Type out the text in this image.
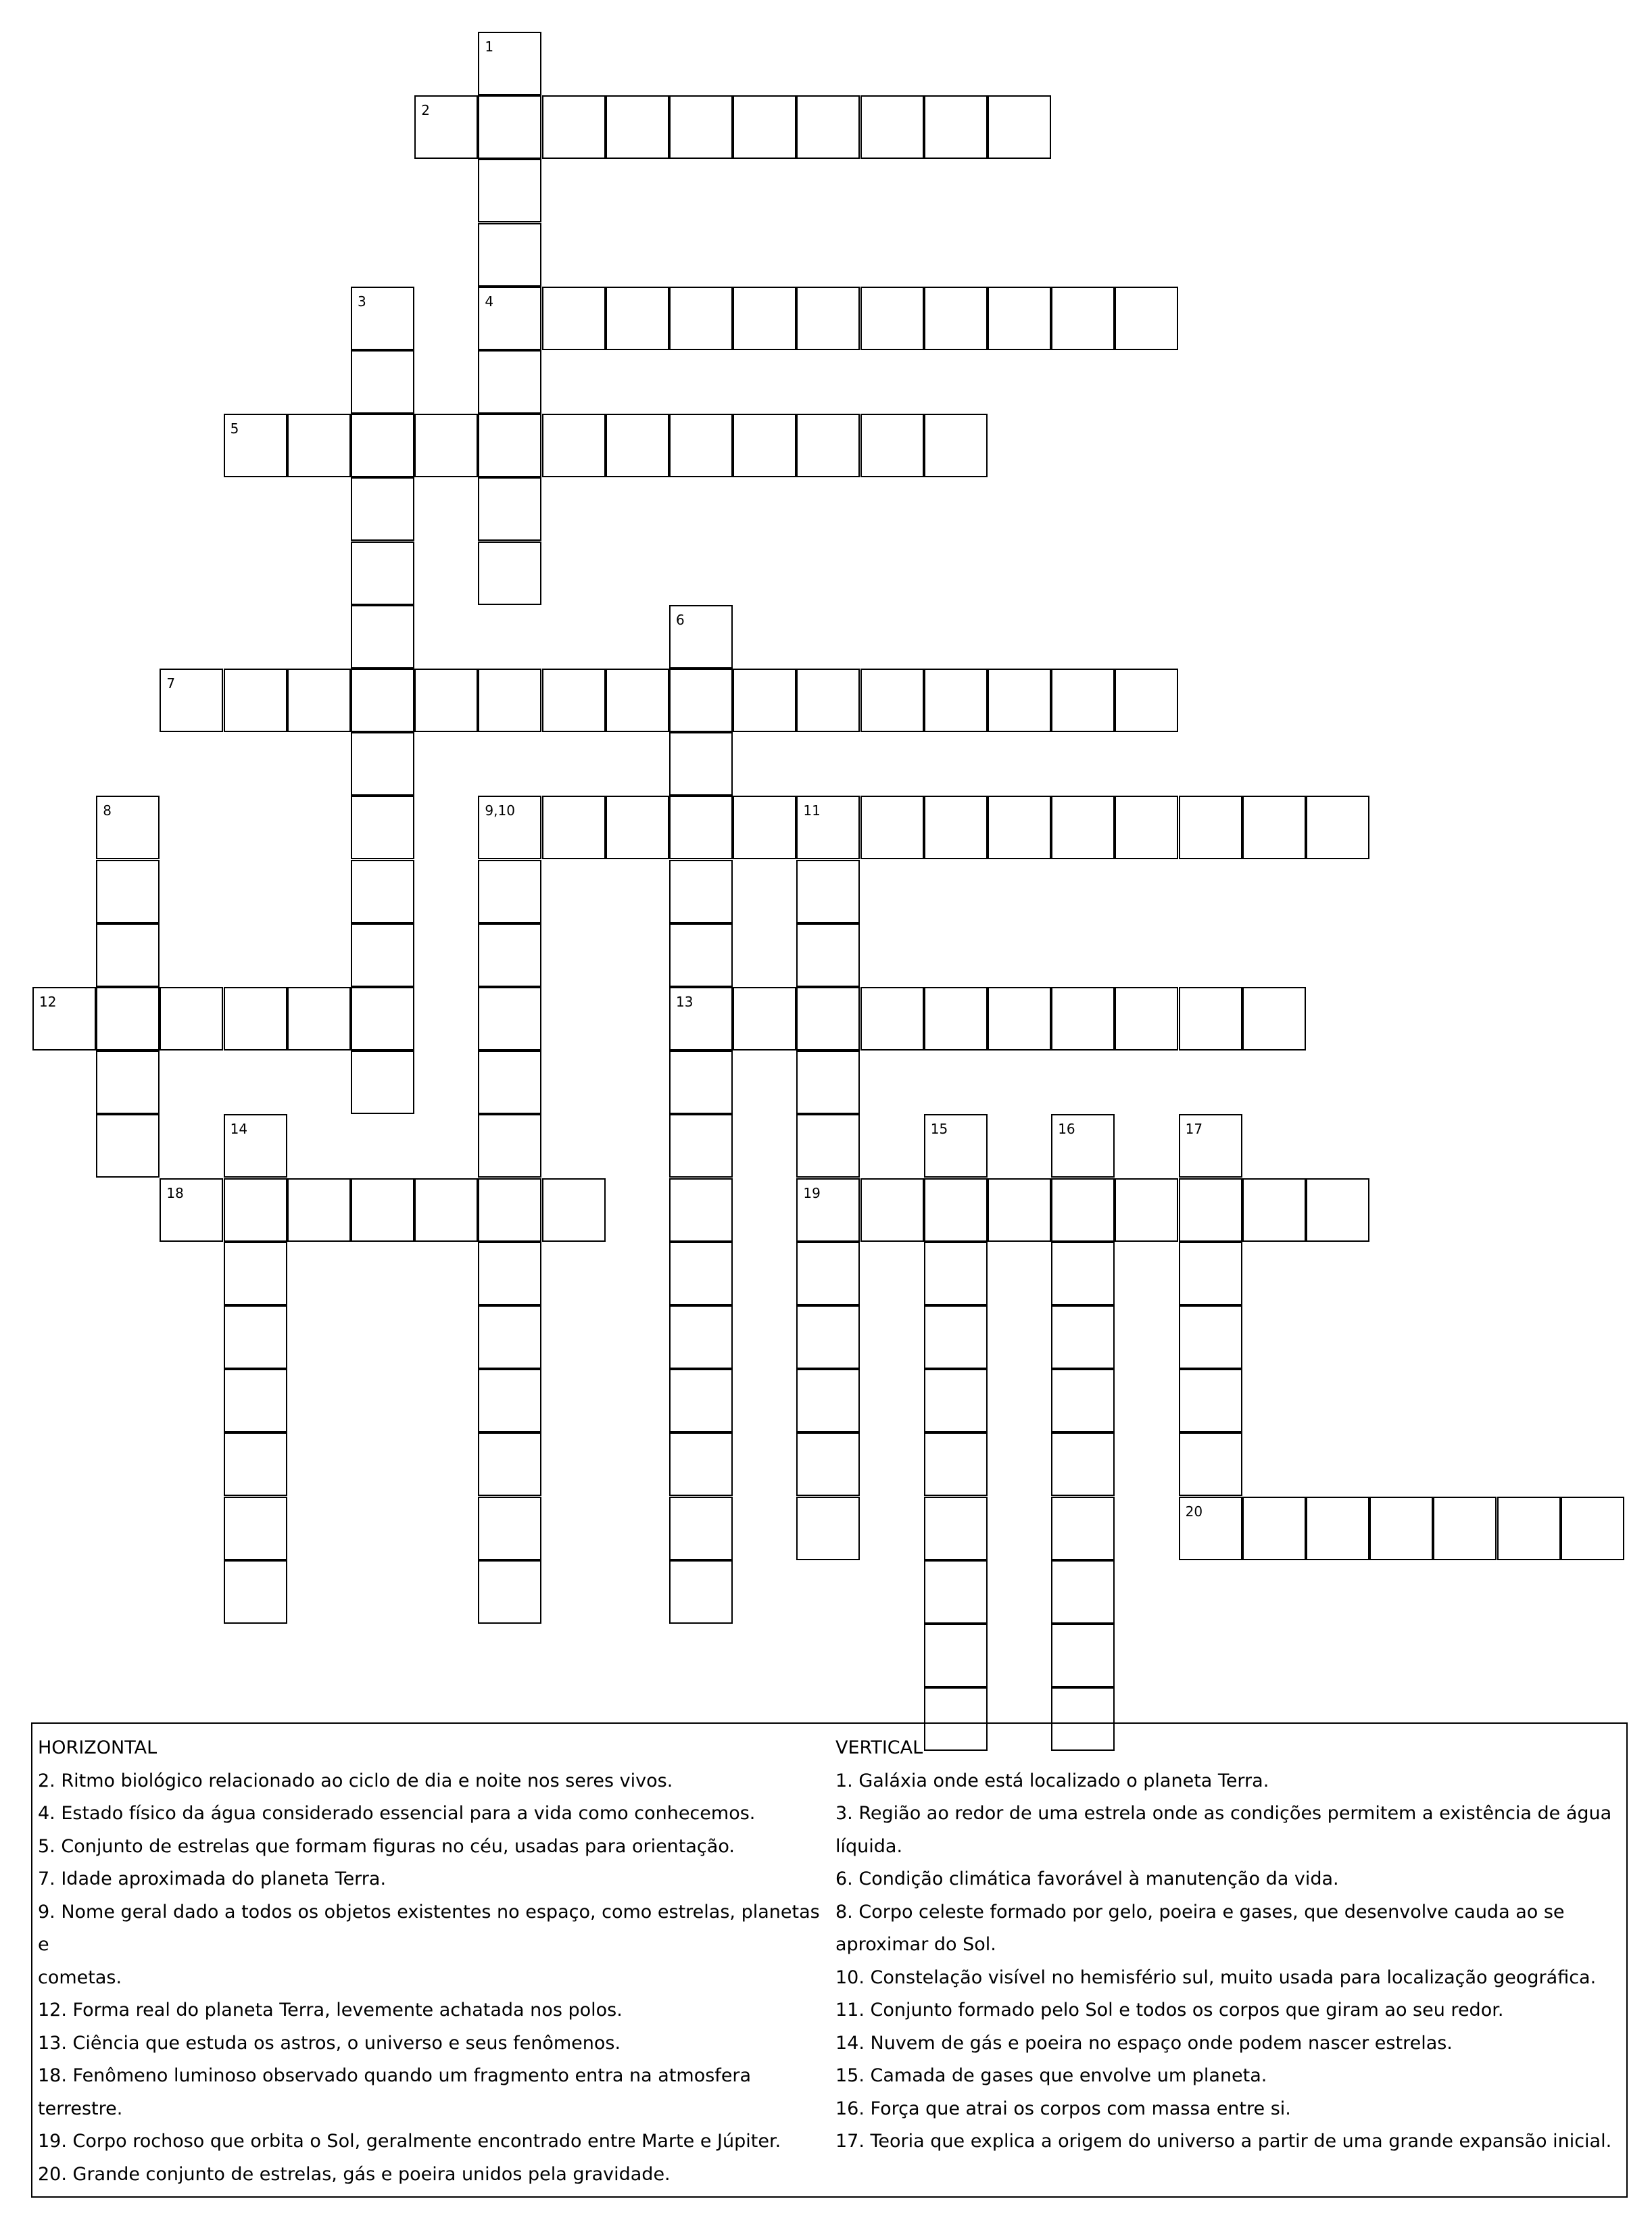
1
2
3	4
5
6
7
8	9,10	11
12	13
14	15	16	17
18	19
20

HORIZONTAL

2. Ritmo biológico relacionado ao ciclo de dia e noite nos seres vivos.

4. Estado físico da água considerado essencial para a vida como conhecemos.

5. Conjunto de estrelas que formam figuras no céu, usadas para orientação.

7. Idade aproximada do planeta Terra.

9. Nome geral dado a todos os objetos existentes no espaço, como estrelas, planetas e

cometas.

12. Forma real do planeta Terra, levemente achatada nos polos.

13. Ciência que estuda os astros, o universo e seus fenômenos.

18. Fenômeno luminoso observado quando um fragmento entra na atmosfera

terrestre.

19. Corpo rochoso que orbita o Sol, geralmente encontrado entre Marte e Júpiter.

20. Grande conjunto de estrelas, gás e poeira unidos pela gravidade.

VERTICAL

1. Galáxia onde está localizado o planeta Terra.

3. Região ao redor de uma estrela onde as condições permitem a existência de água

líquida.

6. Condição climática favorável à manutenção da vida.

8. Corpo celeste formado por gelo, poeira e gases, que desenvolve cauda ao se

aproximar do Sol.

10. Constelação visível no hemisfério sul, muito usada para localização geográfica.

11. Conjunto formado pelo Sol e todos os corpos que giram ao seu redor.

14. Nuvem de gás e poeira no espaço onde podem nascer estrelas.

15. Camada de gases que envolve um planeta.

16. Força que atrai os corpos com massa entre si.

17. Teoria que explica a origem do universo a partir de uma grande expansão inicial.
